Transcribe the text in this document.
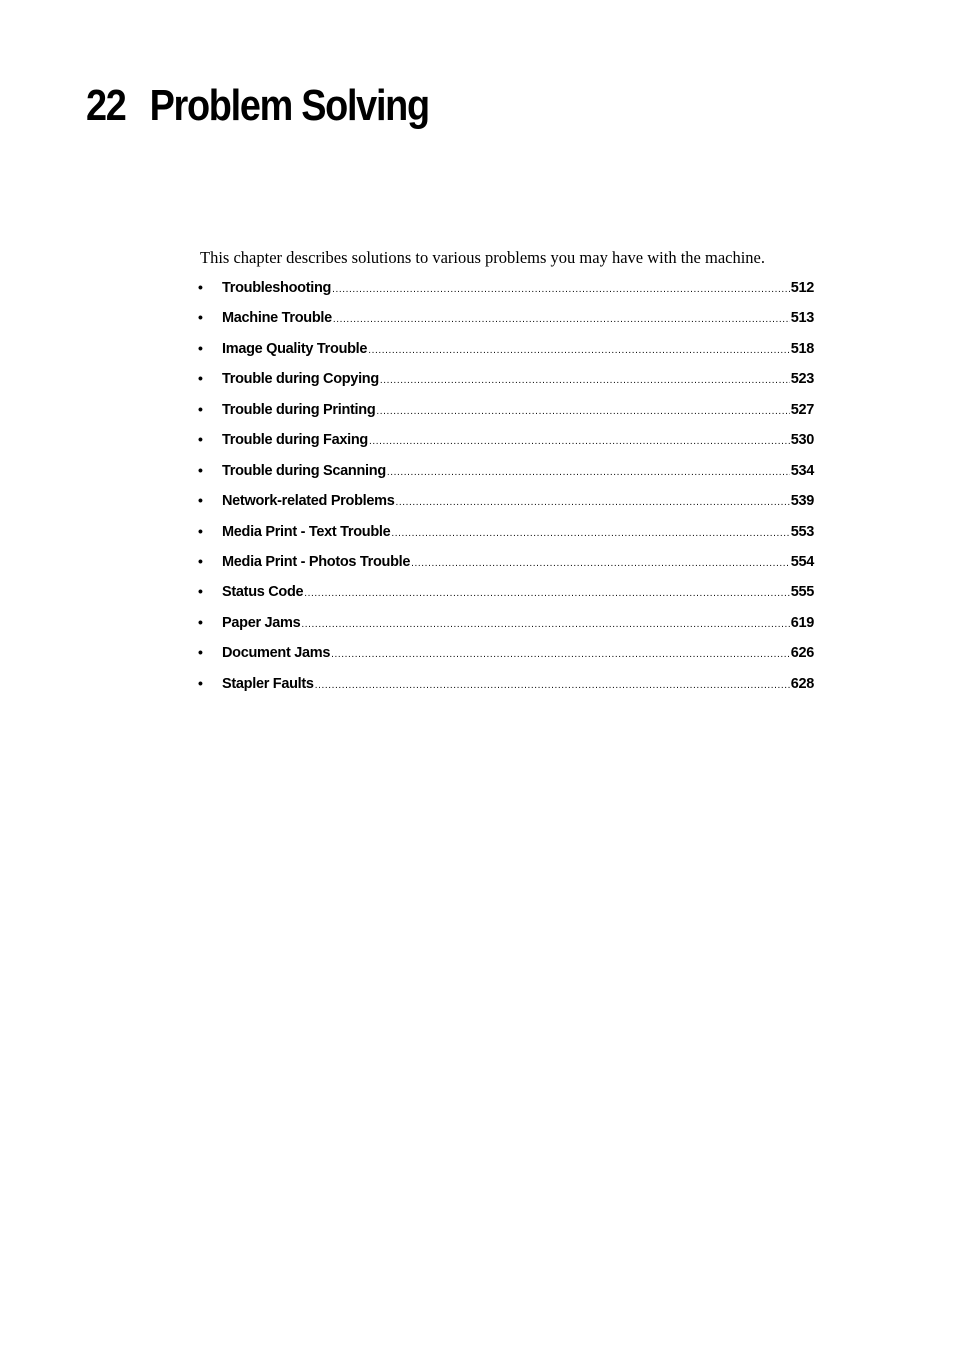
22 Problem Solving

This chapter describes solutions to various problems you may have with the machine.

•	Troubleshooting .....	512
•	Machine Trouble .....	513
•	Image Quality Trouble .....	518
•	Trouble during Copying .....	523
•	Trouble during Printing .....	527
•	Trouble during Faxing .....	530
•	Trouble during Scanning .....	534
•	Network-related Problems .....	539
•	Media Print - Text Trouble .....	553
•	Media Print - Photos Trouble .....	554
•	Status Code .....	555
•	Paper Jams .....	619
•	Document Jams .....	626
•	Stapler Faults .....	628
